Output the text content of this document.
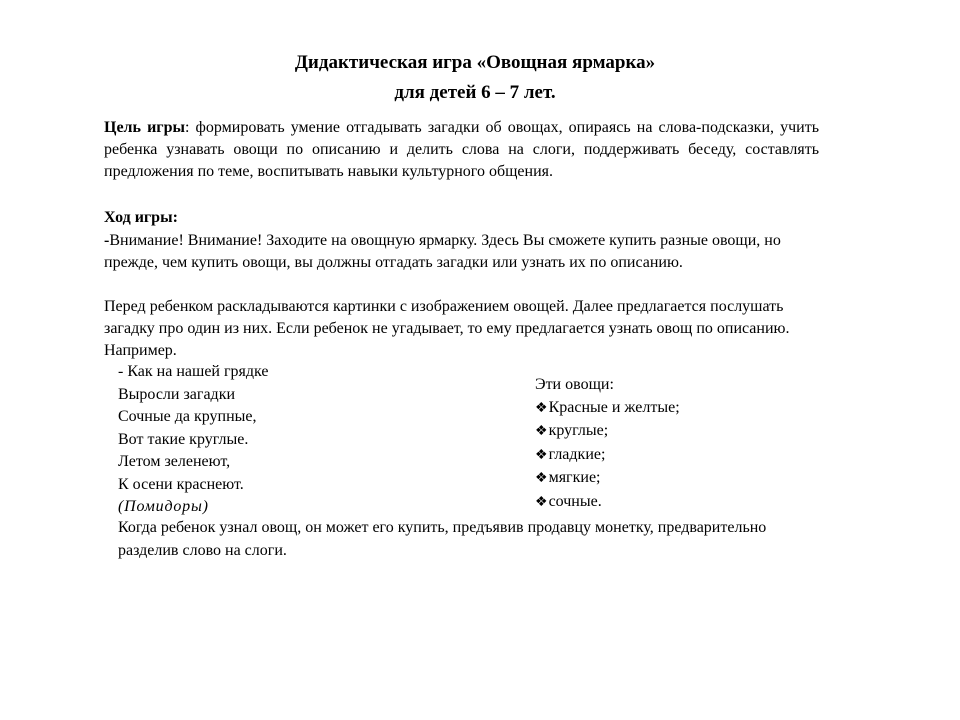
Дидактическая игра «Овощная ярмарка»
для детей 6 – 7 лет.
Цель игры: формировать умение отгадывать загадки об овощах, опираясь на слова-подсказки, учить ребенка узнавать овощи по описанию и делить слова на слоги, поддерживать беседу, составлять предложения по теме, воспитывать навыки культурного общения.
Ход игры:
-Внимание! Внимание! Заходите на овощную ярмарку. Здесь Вы сможете купить разные овощи, но прежде, чем купить овощи, вы должны отгадать загадки или узнать их по описанию.
Перед ребенком раскладываются картинки с изображением овощей. Далее предлагается послушать загадку про один из них. Если ребенок не угадывает, то ему предлагается узнать овощ по описанию. Например.
- Как на нашей грядке
Выросли загадки
Сочные да крупные,
Вот такие круглые.
Летом зеленеют,
К осени краснеют.
(Помидоры)
Эти овощи:
❖Красные и желтые;
❖круглые;
❖гладкие;
❖мягкие;
❖сочные.
Когда ребенок узнал овощ, он может его купить, предъявив продавцу монетку, предварительно разделив слово на слоги.
